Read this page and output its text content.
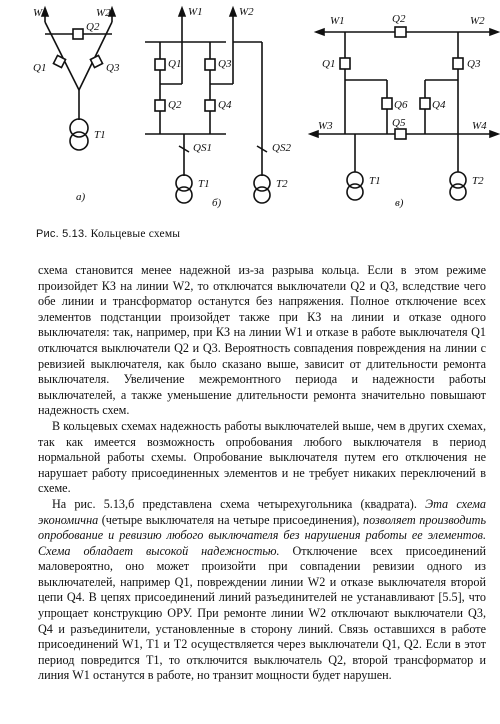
W1	W2
Q2
Q1	Q3
T1
а)
W1	W2
Q1
Q2
Q3
Q4
QS1	QS2
T1	T2
б)
W1	Q2	W2
Q1	Q3
Q6 Q4
Q5
W3	W4
T1	T2
в)
Рис. 5.13. Кольцевые схемы

схема становится менее надежной из-за разрыва кольца. Если в этом режиме произойдет КЗ на линии W2, то отключатся выключатели Q2 и Q3, вследствие чего обе линии и трансформатор останутся без напряжения. Полное отключение всех элементов подстанции произойдет также при КЗ на линии и отказе одного выключателя: так, например, при КЗ на линии W1 и отказе в работе выключателя Q1 отключатся выключатели Q2 и Q3. Вероятность совпадения повреждения на линии с ревизией выключателя, как было сказано выше, зависит от длительности ремонта выключателя. Увеличение межремонтного периода и надежности работы выключателей, а также уменьшение длительности ремонта значительно повышают надежность схем.

В кольцевых схемах надежность работы выключателей выше, чем в других схемах, так как имеется возможность опробования любого выключателя в период нормальной работы схемы. Опробование выключателя путем его отключения не нарушает работу присоединенных элементов и не требует никаких переключений в схеме.

На рис. 5.13,б представлена схема четырехугольника (квадрата). Эта схема экономична (четыре выключателя на четыре присоединения), позволяет производить опробование и ревизию любого выключателя без нарушения работы ее элементов. Схема обладает высокой надежностью. Отключение всех присоединений маловероятно, оно может произойти при совпадении ревизии одного из выключателей, например Q1, повреждении линии W2 и отказе выключателя второй цепи Q4. В цепях присоединений линий разъединителей не устанавливают [5.5], что упрощает конструкцию ОРУ. При ремонте линии W2 отключают выключатели Q3, Q4 и разъединители, установленные в сторону линий. Связь оставшихся в работе присоединений W1, T1 и T2 осуществляется через выключатели Q1, Q2. Если в этот период повредится T1, то отключится выключатель Q2, второй трансформатор и линия W1 останутся в работе, но транзит мощности будет нарушен.
